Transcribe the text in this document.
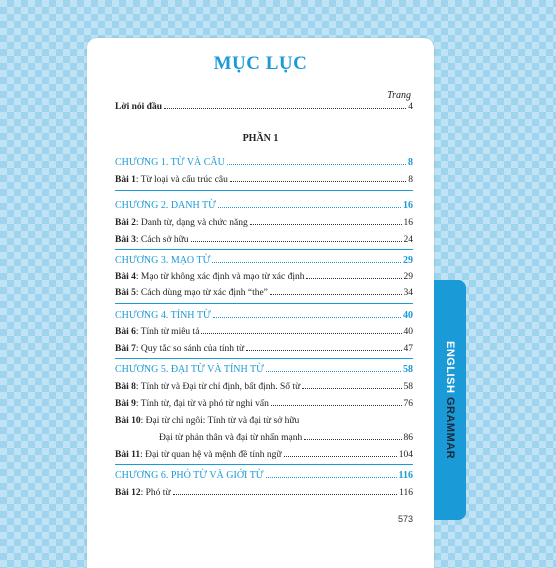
MỤC LỤC
Trang
Lời nói đầu	4
PHẦN 1
CHƯƠNG 1. TỪ VÀ CÂU	8
Bài 1: Từ loại và cấu trúc câu	8
CHƯƠNG 2. DANH TỪ	16
Bài 2: Danh từ, dạng và chức năng	16
Bài 3: Cách sở hữu	24
CHƯƠNG 3. MẠO TỪ	29
Bài 4: Mạo từ không xác định và mạo từ xác định	29
Bài 5: Cách dùng mạo từ xác định “the”	34
CHƯƠNG 4. TÍNH TỪ	40
Bài 6: Tính từ miêu tả	40
Bài 7: Quy tắc so sánh của tính từ	47
CHƯƠNG 5. ĐẠI TỪ VÀ TÍNH TỪ	58
Bài 8: Tính từ và Đại từ chỉ định, bất định. Số từ	58
Bài 9: Tính từ, đại từ và phó từ nghi vấn	76
Bài 10: Đại từ chỉ ngôi: Tính từ và đại từ sở hữu
Đại từ phản thân và đại từ nhấn mạnh	86
Bài 11: Đại từ quan hệ và mệnh đề tính ngữ	104
CHƯƠNG 6. PHÓ TỪ VÀ GIỚI TỪ	116
Bài 12: Phó từ	116
573
ENGLISH GRAMMAR
